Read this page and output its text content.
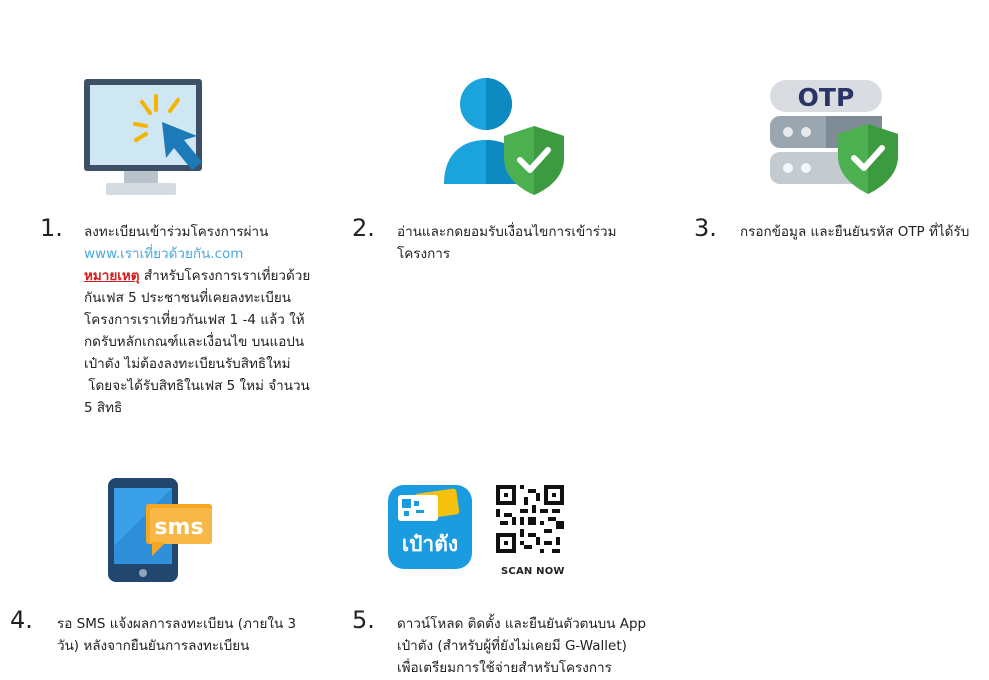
OTP
sms
เป๋าตัง
SCAN NOW
1. ลงทะเบียนเข้าร่วมโครงการผ่าน
www.เราเที่ยวด้วยกัน.com
หมายเหตุ สำหรับโครงการเราเที่ยวด้วย
กันเฟส 5 ประชาชนที่เคยลงทะเบียน
โครงการเราเที่ยวกันเฟส 1 -4 แล้ว ให้
กดรับหลักเกณฑ์และเงื่อนไข บนแอปน
เป๋าตัง ไม่ต้องลงทะเบียนรับสิทธิใหม่
โดยจะได้รับสิทธิในเฟส 5 ใหม่ จำนวน
5 สิทธิ
2. อ่านและกดยอมรับเงื่อนไขการเข้าร่วม
โครงการ
3. กรอกข้อมูล และยืนยันรหัส OTP ที่ได้รับ
4. รอ SMS แจ้งผลการลงทะเบียน (ภายใน 3
วัน) หลังจากยืนยันการลงทะเบียน
5. ดาวน์โหลด ติดตั้ง และยืนยันตัวตนบน App
เป๋าตัง (สำหรับผู้ที่ยังไม่เคยมี G-Wallet)
เพื่อเตรียมการใช้จ่ายสำหรับโครงการ
